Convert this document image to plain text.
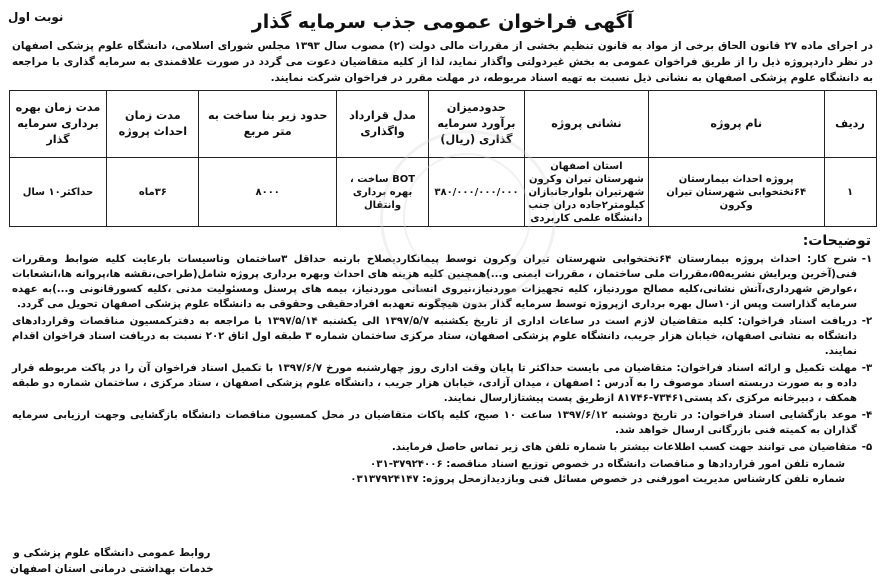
نوبت اول	آگهی فراخوان عمومی جذب سرمایه گذار

در اجرای ماده ۲۷ قانون الحاق برخی از مواد به قانون تنظیم بخشی از مقررات مالی دولت (۲) مصوب سال ۱۳۹۳ مجلس شورای اسلامی، دانشگاه علوم پزشکی اصفهان در نظر داردپروژه ذیل را از طریق فراخوان عمومی به بخش غیردولتی واگذار نماید، لذا از کلیه متقاضیان دعوت می گردد در صورت علاقمندی به سرمایه گذاری با مراجعه به دانشگاه علوم پزشکی اصفهان به نشانی ذیل نسبت به تهیه اسناد مربوطه، در مهلت مقرر در فراخوان شرکت نمایند.

ردیف	نام پروژه	نشانی پروژه	حدودمیزان برآورد سرمایه گذاری (ریال)	مدل قرارداد واگذاری	حدود زیر بنا ساخت به متر مربع	مدت زمان احداث پروژه	مدت زمان بهره برداری سرمایه گذار
۱	پروژه احداث بیمارستان ۶۴تختخوابی شهرستان تیران وکرون	استان اصفهان شهرستان تیران وکرون شهرتیران بلوارجانبازان کیلومتر۲جاده دران جنب دانشگاه علمی کاربردی	۳۸۰/۰۰۰/۰۰۰/۰۰۰	BOT ساخت ، بهره برداری وانتقال	۸۰۰۰	۳۶ماه	حداکثر۱۰ سال
توضیحات:
۱-
شرح کار: احداث پروژه بیمارستان ۶۴تختخوابی شهرستان تیران وکرون توسط پیمانکاردیصلاح بارتبه حداقل ۳ساختمان وتاسیسات بارعایت کلیه ضوابط ومقررات فنی(آخرین ویرایش نشریه۵۵،مقررات ملی ساختمان ، مقررات ایمنی و...)همچنین کلیه هزینه های احداث وبهره برداری پروژه شامل(طراحی،نقشه ها،پروانه ها،انشعابات ،عوارض شهرداری،آتش نشانی،کلیه مصالح موردنیاز، کلیه تجهیزات موردنیاز،نیروی انسانی موردنیاز، بیمه های پرسنل ومسئولیت مدنی ،کلیه کسورقانونی و...)به عهده سرمایه گذاراست وپس از۱۰سال بهره برداری ازپروژه توسط سرمایه گذار بدون هیچگونه تعهدبه افرادحقیقی وحقوقی به دانشگاه علوم پزشکی اصفهان تحویل می گردد.
۲-
دریافت اسناد فراخوان: کلیه متقاضیان لازم است در ساعات اداری از تاریخ یکشنبه ۱۳۹۷/۵/۷ الی یکشنبه ۱۳۹۷/۵/۱۴ با مراجعه به دفترکمسیون مناقصات وقراردادهای دانشگاه به نشانی اصفهان، خیابان هزار جریب، دانشگاه علوم پزشکی اصفهان، ستاد مرکزی ساختمان شماره ۳ طبقه اول اتاق ۲۰۲ نسبت به دریافت اسناد فراخوان اقدام نمایند.
۳-
مهلت تکمیل و ارائه اسناد فراخوان: متقاضیان می بایست حداکثر تا پایان وقت اداری روز چهارشنبه مورخ ۱۳۹۷/۶/۷ با تکمیل اسناد فراخوان آن را در پاکت مربوطه قرار داده و به صورت دربسته اسناد موصوف را به آدرس : اصفهان ، میدان آزادی، خیابان هزار جریب ، دانشگاه علوم پزشکی اصفهان ، ستاد مرکزی ، ساختمان شماره دو طبقه همکف ، دبیرخانه مرکزی ،کد پستی۷۳۴۶۱-۸۱۷۴۶ ازطریق پست پیشتازارسال نمایند.
۴-
موعد بازگشایی اسناد فراخوان: در تاریخ دوشنبه ۱۳۹۷/۶/۱۲ ساعت ۱۰ صبح، کلیه پاکات متقاضیان در محل کمسیون مناقصات دانشگاه بازگشایی وجهت ارزیابی سرمایه گذاران به کمیته فنی بازرگانی ارسال خواهد شد.
۵-
متقاضیان می توانند جهت کسب اطلاعات بیشتر با شماره تلفن های زیر تماس حاصل فرمایند.
شماره تلفن امور قراردادها و مناقصات دانشگاه در خصوص توزیع اسناد مناقصه: ۳۷۹۲۴۰۰۶-۰۳۱
شماره تلفن کارشناس مدیریت امورفنی در خصوص مسائل فنی وبازدیدازمحل پروژه: ۰۳۱۳۷۹۲۴۱۴۷
روابط عمومی دانشگاه علوم پزشکی و
خدمات بهداشتی درمانی استان اصفهان
